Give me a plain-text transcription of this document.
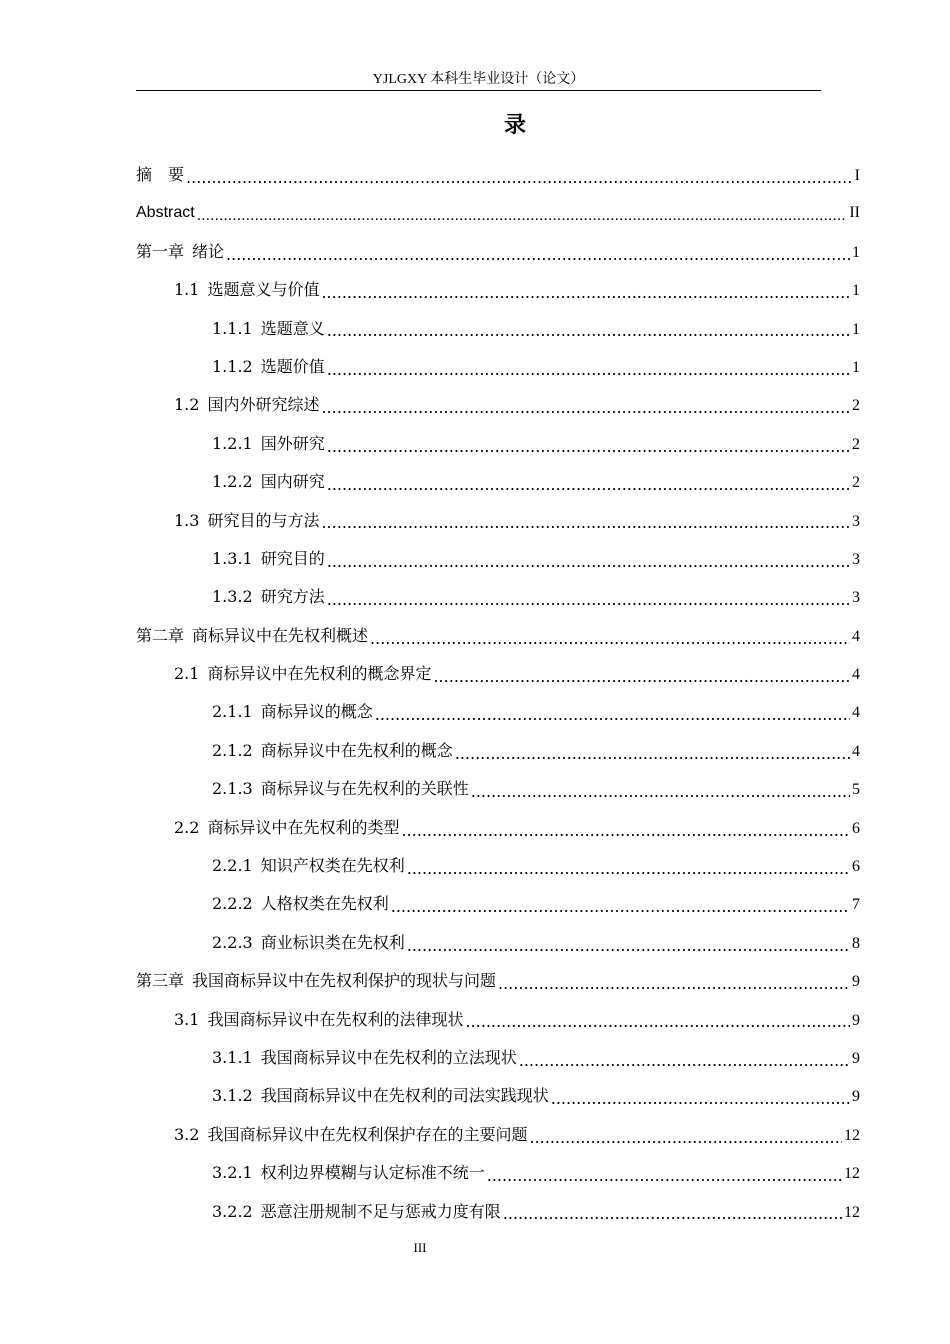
YJLGXY 本科生毕业设计（论文）
录
摘　要 .....	I
Abstract .....	II
第一章 绪论 .....	1
1.1 选题意义与价值 .....	1
1.1.1 选题意义 .....	1
1.1.2 选题价值 .....	1
1.2 国内外研究综述 .....	2
1.2.1 国外研究 .....	2
1.2.2 国内研究 .....	2
1.3 研究目的与方法 .....	3
1.3.1 研究目的 .....	3
1.3.2 研究方法 .....	3
第二章 商标异议中在先权利概述 .....	4
2.1 商标异议中在先权利的概念界定 .....	4
2.1.1 商标异议的概念 .....	4
2.1.2 商标异议中在先权利的概念 .....	4
2.1.3 商标异议与在先权利的关联性 .....	5
2.2 商标异议中在先权利的类型 .....	6
2.2.1 知识产权类在先权利 .....	6
2.2.2 人格权类在先权利 .....	7
2.2.3 商业标识类在先权利 .....	8
第三章 我国商标异议中在先权利保护的现状与问题 .....	9
3.1 我国商标异议中在先权利的法律现状 .....	9
3.1.1 我国商标异议中在先权利的立法现状 .....	9
3.1.2 我国商标异议中在先权利的司法实践现状 .....	9
3.2 我国商标异议中在先权利保护存在的主要问题 .....	12
3.2.1 权利边界模糊与认定标准不统一 .....	12
3.2.2 恶意注册规制不足与惩戒力度有限 .....	12
III
